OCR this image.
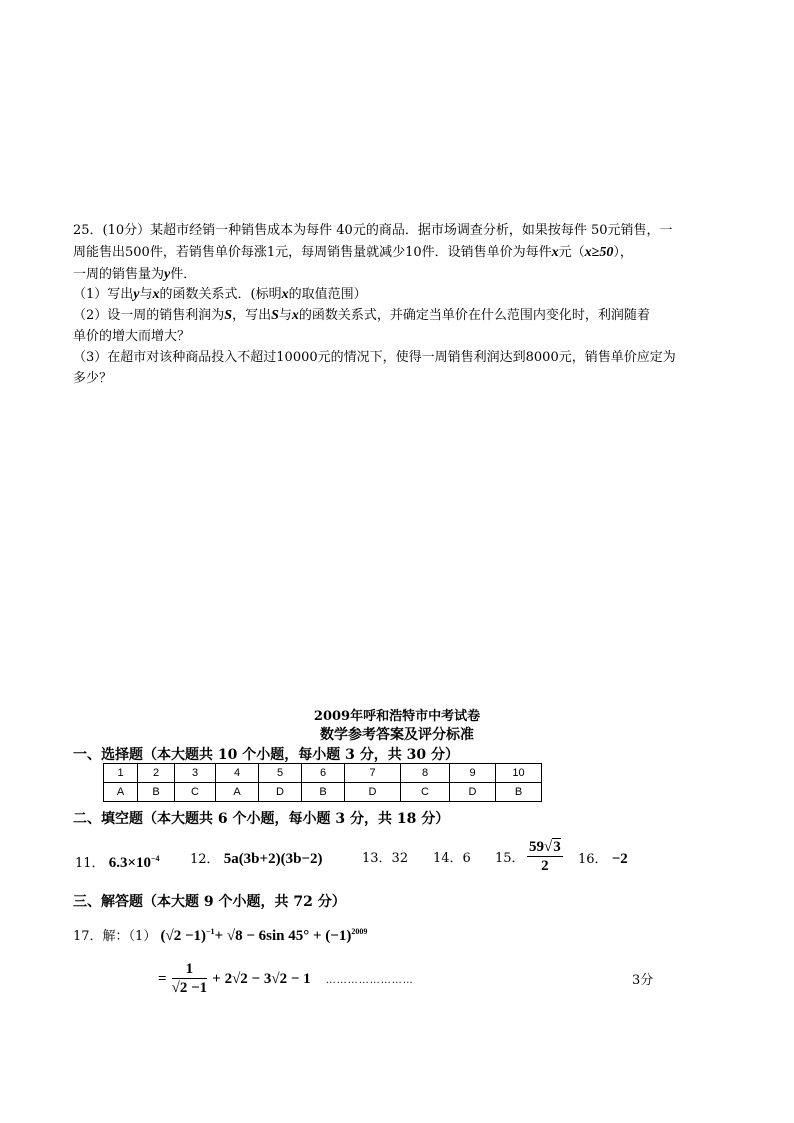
25．(10分）某超市经销一种销售成本为每件 40元的商品．据市场调查分析，如果按每件 50元销售，一
周能售出500件，若销售单价每涨1元，每周销售量就减少10件．设销售单价为每件x元（x≥50），
一周的销售量为y件．
（1）写出y与x的函数关系式．(标明x的取值范围）
（2）设一周的销售利润为S，写出S与x的函数关系式，并确定当单价在什么范围内变化时，利润随着
单价的增大而增大？
（3）在超市对该种商品投入不超过10000元的情况下，使得一周销售利润达到8000元，销售单价应定为
多少？
2009年呼和浩特市中考试卷
数学参考答案及评分标准
一、选择题（本大题共 10 个小题，每小题 3 分，共 30 分）
1	2	3	4	5	6	7	8	9	10
A	B	C	A	D	B	D	C	D	B
二、填空题（本大题共 6 个小题，每小题 3 分，共 18 分）
11． $6.3\times 10^{-4}$ 12． 5a(3b+2)(3b−2)	13．32 14．6 15． $\frac{59√3}{2} 16$． −2
三、解答题（本大题 9 个小题，共 72 分）
17．解：（1） $(√2 -1)^{-1}+ √8 - 6\sin$ $45^\circ + (-1)^{2009}$
= $\frac{1}{√2 -1} + 2√2 - 3√2 - 1$ ……………………	3分
